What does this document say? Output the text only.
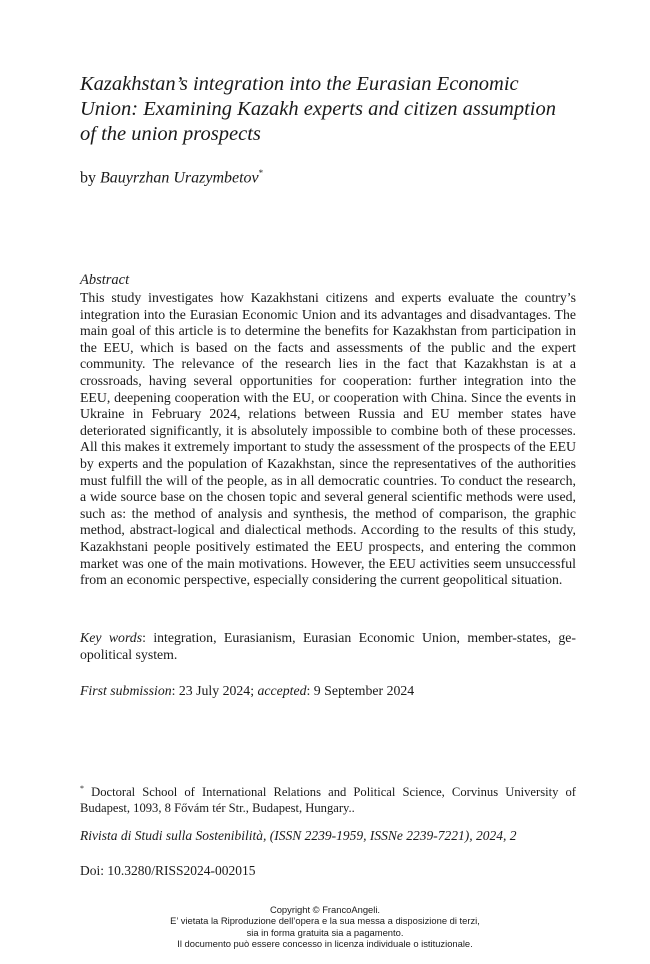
Kazakhstan’s integration into the Eurasian Economic Union: Examining Kazakh experts and citizen assumption of the union prospects
by Bauyrzhan Urazymbetov*
Abstract

This study investigates how Kazakhstani citizens and experts evaluate the country’s integration into the Eurasian Economic Union and its advantages and disadvantages. The main goal of this article is to determine the benefits for Kazakhstan from participation in the EEU, which is based on the facts and assessments of the public and the expert community. The relevance of the research lies in the fact that Kazakhstan is at a crossroads, having several opportunities for cooperation: further integration into the EEU, deepening cooperation with the EU, or cooperation with China. Since the events in Ukraine in February 2024, relations between Russia and EU member states have deteriorated significantly, it is absolutely impossible to combine both of these processes. All this makes it extremely important to study the assessment of the prospects of the EEU by experts and the population of Kazakhstan, since the representatives of the authorities must fulfill the will of the people, as in all democratic countries. To conduct the research, a wide source base on the chosen topic and several general scientific methods were used, such as: the method of analysis and synthesis, the method of comparison, the graphic method, abstract-logical and dialectical methods. According to the results of this study, Kazakhstani people positively estimated the EEU prospects, and entering the common market was one of the main motivations. However, the EEU activities seem unsuccessful from an economic perspective, especially considering the current geopolitical situation.

Key words: integration, Eurasianism, Eurasian Economic Union, member-states, geopolitical system.

First submission: 23 July 2024; accepted: 9 September 2024

* Doctoral School of International Relations and Political Science, Corvinus University of Budapest, 1093, 8 Fővám tér Str., Budapest, Hungary..

Rivista di Studi sulla Sostenibilità, (ISSN 2239-1959, ISSNe 2239-7221), 2024, 2

Doi: 10.3280/RISS2024-002015

Copyright © FrancoAngeli.
E’ vietata la Riproduzione dell’opera e la sua messa a disposizione di terzi,
sia in forma gratuita sia a pagamento.
Il documento può essere concesso in licenza individuale o istituzionale.
